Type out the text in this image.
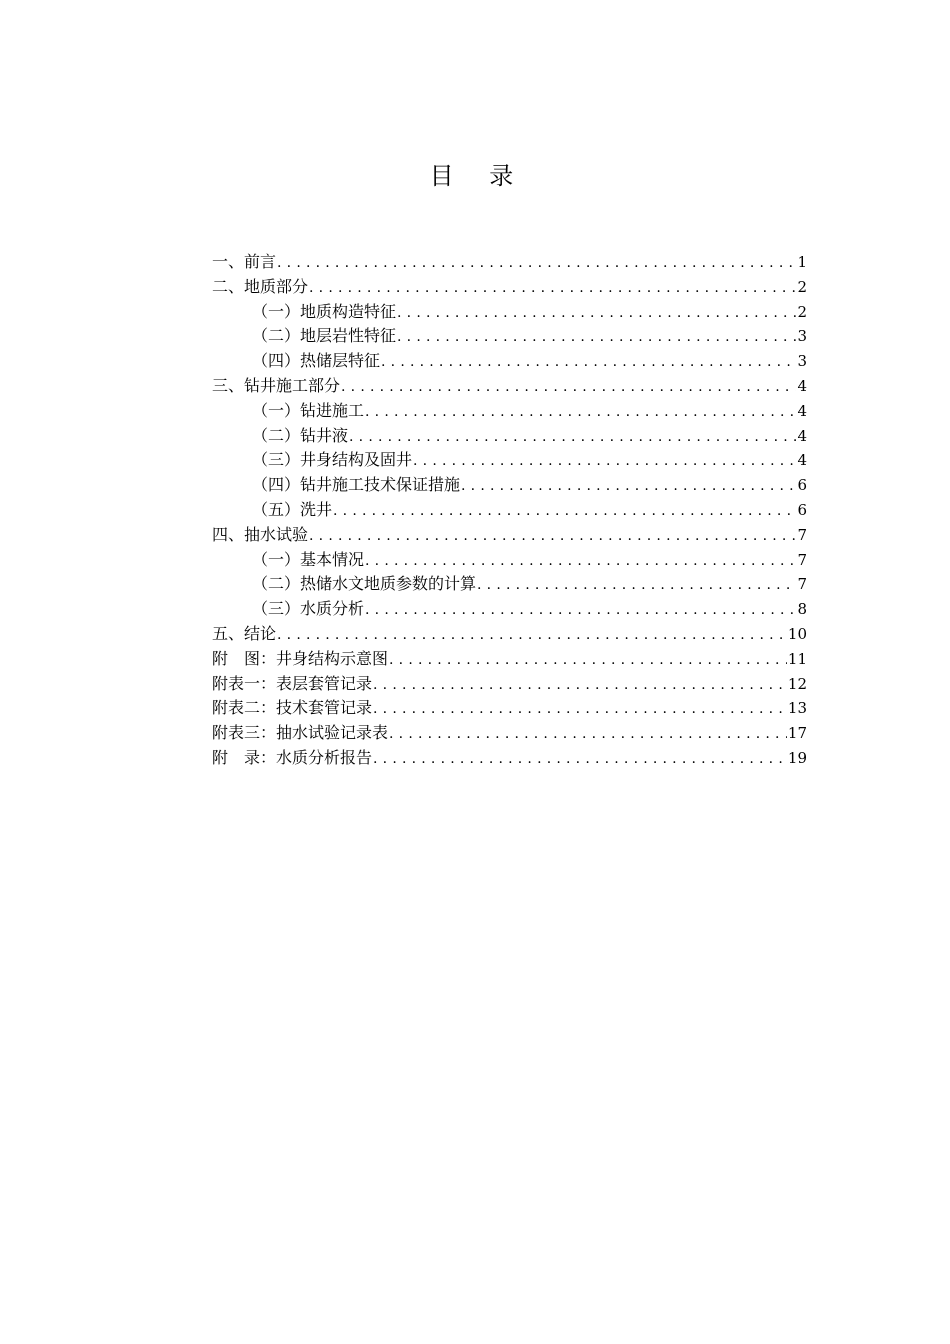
目 录
一、前言 .....	1
二、地质部分 .....	2
（一）地质构造特征 .....	2
（二）地层岩性特征 .....	3
（四）热储层特征 .....	3
三、钻井施工部分 .....	4
（一）钻进施工 .....	4
（二）钻井液 .....	4
（三）井身结构及固井 .....	4
（四）钻井施工技术保证措施 .....	6
（五）洗井 .....	6
四、抽水试验 .....	7
（一）基本情况 .....	7
（二）热储水文地质参数的计算 .....	7
（三）水质分析 .....	8
五、结论 .....	10
附　图：井身结构示意图 .....	11
附表一：表层套管记录 .....	12
附表二：技术套管记录 .....	13
附表三：抽水试验记录表 .....	17
附　录：水质分析报告 .....	19
